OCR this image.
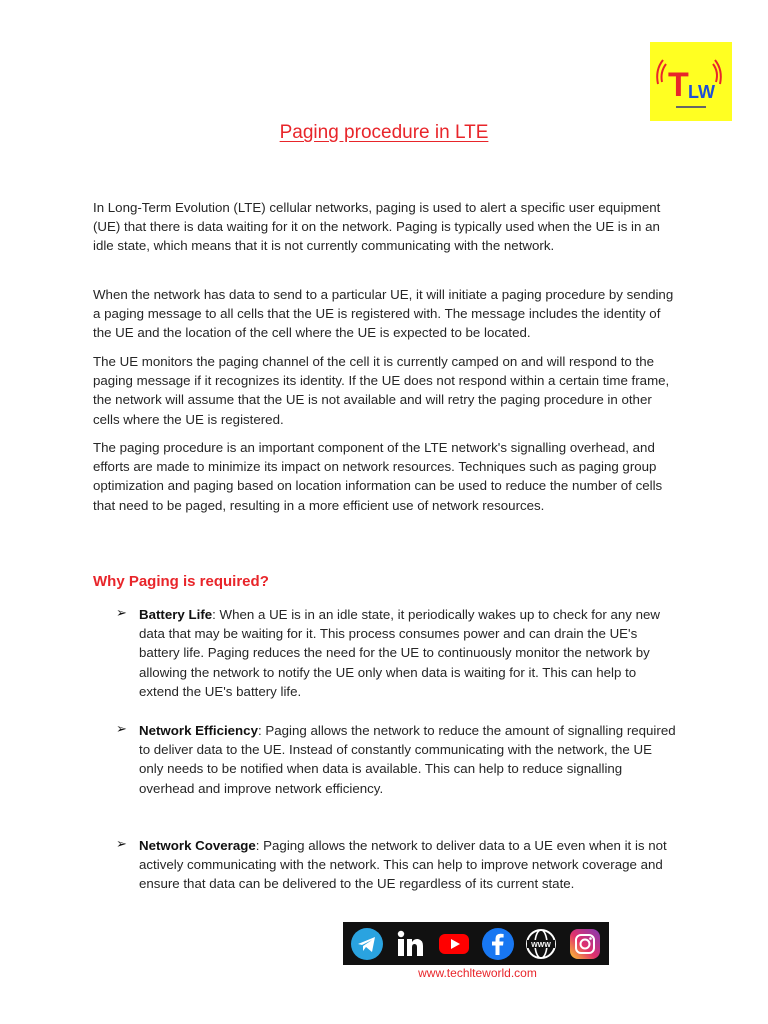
T L W
Paging procedure in LTE

In Long-Term Evolution (LTE) cellular networks, paging is used to alert a specific user equipment (UE) that there is data waiting for it on the network. Paging is typically used when the UE is in an idle state, which means that it is not currently communicating with the network.

When the network has data to send to a particular UE, it will initiate a paging procedure by sending a paging message to all cells that the UE is registered with. The message includes the identity of the UE and the location of the cell where the UE is expected to be located.

The UE monitors the paging channel of the cell it is currently camped on and will respond to the paging message if it recognizes its identity. If the UE does not respond within a certain time frame, the network will assume that the UE is not available and will retry the paging procedure in other cells where the UE is registered.

The paging procedure is an important component of the LTE network's signalling overhead, and efforts are made to minimize its impact on network resources. Techniques such as paging group optimization and paging based on location information can be used to reduce the number of cells that need to be paged, resulting in a more efficient use of network resources.

Why Paging is required?
➢ Battery Life: When a UE is in an idle state, it periodically wakes up to check for any new data that may be waiting for it. This process consumes power and can drain the UE's battery life. Paging reduces the need for the UE to continuously monitor the network by allowing the network to notify the UE only when data is waiting for it. This can help to extend the UE's battery life.
➢ Network Efficiency: Paging allows the network to reduce the amount of signalling required to deliver data to the UE. Instead of constantly communicating with the network, the UE only needs to be notified when data is available. This can help to reduce signalling overhead and improve network efficiency.
➢ Network Coverage: Paging allows the network to deliver data to a UE even when it is not actively communicating with the network. This can help to improve network coverage and ensure that data can be delivered to the UE regardless of its current state.
WWW
www.techlteworld.com
